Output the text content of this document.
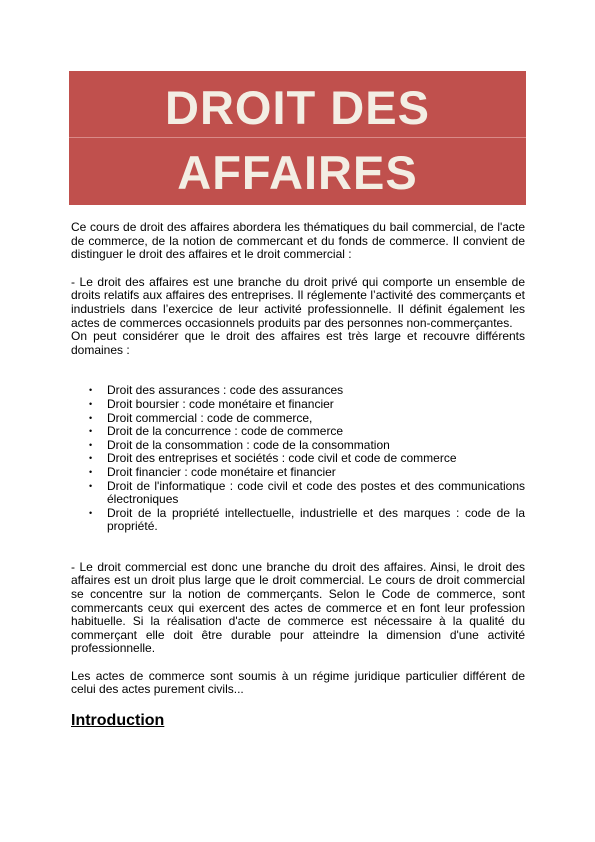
DROIT DES
AFFAIRES

Ce cours de droit des affaires abordera les thématiques du bail commercial, de l'acte de commerce, de la notion de commercant et du fonds de commerce. Il convient de distinguer le droit des affaires et le droit commercial :

- Le droit des affaires est une branche du droit privé qui comporte un ensemble de droits relatifs aux affaires des entreprises. Il réglemente l’activité des commerçants et industriels dans l’exercice de leur activité professionnelle. Il définit également les actes de commerces occasionnels produits par des personnes non-commerçantes.

On peut considérer que le droit des affaires est très large et recouvre différents domaines :

• Droit des assurances : code des assurances
• Droit boursier : code monétaire et financier
• Droit commercial : code de commerce,
• Droit de la concurrence : code de commerce
• Droit de la consommation : code de la consommation
• Droit des entreprises et sociétés : code civil et code de commerce
• Droit financier : code monétaire et financier
• Droit de l'informatique : code civil et code des postes et des communications électroniques
• Droit de la propriété intellectuelle, industrielle et des marques : code de la propriété.

- Le droit commercial est donc une branche du droit des affaires. Ainsi, le droit des affaires est un droit plus large que le droit commercial. Le cours de droit commercial se concentre sur la notion de commerçants. Selon le Code de commerce, sont commercants ceux qui exercent des actes de commerce et en font leur profession habituelle. Si la réalisation d'acte de commerce est nécessaire à la qualité du commerçant elle doit être durable pour atteindre la dimension d'une activité professionnelle.

Les actes de commerce sont soumis à un régime juridique particulier différent de celui des actes purement civils...

Introduction
